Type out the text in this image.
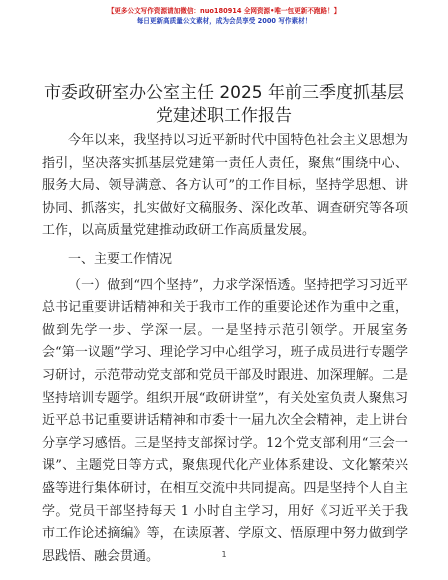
【更多公文写作资源请加微信：nuo180914 全网资源•唯一包更新不跑路！】
每日更新高质量公文素材，成为会员享受 2000 写作素材！
市委政研室办公室主任 2025 年前三季度抓基层党建述职工作报告

今年以来，我坚持以习近平新时代中国特色社会主义思想为指引，坚决落实抓基层党建第一责任人责任，聚焦“围绕中心、服务大局、领导满意、各方认可”的工作目标，坚持学思想、讲协同、抓落实，扎实做好文稿服务、深化改革、调查研究等各项工作，以高质量党建推动政研工作高质量发展。

一、主要工作情况

（一）做到“四个坚持”，力求学深悟透。坚持把学习习近平总书记重要讲话精神和关于我市工作的重要论述作为重中之重，做到先学一步、学深一层。一是坚持示范引领学。开展室务会“第一议题”学习、理论学习中心组学习，班子成员进行专题学习研讨，示范带动党支部和党员干部及时跟进、加深理解。二是坚持培训专题学。组织开展“政研讲堂”，有关处室负责人聚焦习近平总书记重要讲话精神和市委十一届九次全会精神，走上讲台分享学习感悟。三是坚持支部探讨学。12个党支部利用“三会一课”、主题党日等方式，聚焦现代化产业体系建设、文化繁荣兴盛等进行集体研讨，在相互交流中共同提高。四是坚持个人自主学。党员干部坚持每天 1 小时自主学习，用好《习近平关于我市工作论述摘编》等，在读原著、学原文、悟原理中努力做到学思践悟、融会贯通。	1
